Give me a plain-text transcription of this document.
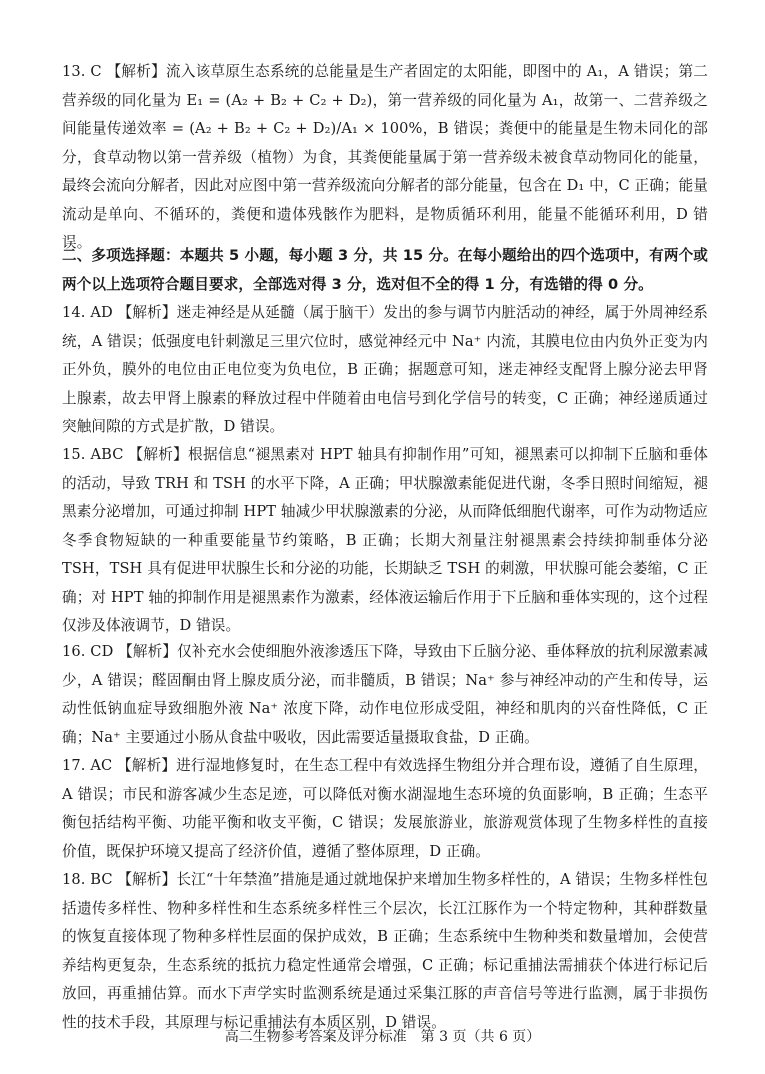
13. C 【解析】流入该草原生态系统的总能量是生产者固定的太阳能，即图中的 A₁，A 错误；第二营养级的同化量为 E₁ = (A₂ + B₂ + C₂ + D₂)，第一营养级的同化量为 A₁，故第一、二营养级之间能量传递效率 = (A₂ + B₂ + C₂ + D₂)/A₁ × 100%，B 错误；粪便中的能量是生物未同化的部分，食草动物以第一营养级（植物）为食，其粪便能量属于第一营养级未被食草动物同化的能量，最终会流向分解者，因此对应图中第一营养级流向分解者的部分能量，包含在 D₁ 中，C 正确；能量流动是单向、不循环的，粪便和遗体残骸作为肥料，是物质循环利用，能量不能循环利用，D 错误。

二、多项选择题：本题共 5 小题，每小题 3 分，共 15 分。在每小题给出的四个选项中，有两个或两个以上选项符合题目要求，全部选对得 3 分，选对但不全的得 1 分，有选错的得 0 分。

14. AD 【解析】迷走神经是从延髓（属于脑干）发出的参与调节内脏活动的神经，属于外周神经系统，A 错误；低强度电针刺激足三里穴位时，感觉神经元中 Na⁺ 内流，其膜电位由内负外正变为内正外负，膜外的电位由正电位变为负电位，B 正确；据题意可知，迷走神经支配肾上腺分泌去甲肾上腺素，故去甲肾上腺素的释放过程中伴随着由电信号到化学信号的转变，C 正确；神经递质通过突触间隙的方式是扩散，D 错误。

15. ABC 【解析】根据信息“褪黑素对 HPT 轴具有抑制作用”可知，褪黑素可以抑制下丘脑和垂体的活动，导致 TRH 和 TSH 的水平下降，A 正确；甲状腺激素能促进代谢，冬季日照时间缩短，褪黑素分泌增加，可通过抑制 HPT 轴减少甲状腺激素的分泌，从而降低细胞代谢率，可作为动物适应冬季食物短缺的一种重要能量节约策略，B 正确；长期大剂量注射褪黑素会持续抑制垂体分泌 TSH，TSH 具有促进甲状腺生长和分泌的功能，长期缺乏 TSH 的刺激，甲状腺可能会萎缩，C 正确；对 HPT 轴的抑制作用是褪黑素作为激素，经体液运输后作用于下丘脑和垂体实现的，这个过程仅涉及体液调节，D 错误。

16. CD 【解析】仅补充水会使细胞外液渗透压下降，导致由下丘脑分泌、垂体释放的抗利尿激素减少，A 错误；醛固酮由肾上腺皮质分泌，而非髓质，B 错误；Na⁺ 参与神经冲动的产生和传导，运动性低钠血症导致细胞外液 Na⁺ 浓度下降，动作电位形成受阻，神经和肌肉的兴奋性降低，C 正确；Na⁺ 主要通过小肠从食盐中吸收，因此需要适量摄取食盐，D 正确。

17. AC 【解析】进行湿地修复时，在生态工程中有效选择生物组分并合理布设，遵循了自生原理，A 错误；市民和游客减少生态足迹，可以降低对衡水湖湿地生态环境的负面影响，B 正确；生态平衡包括结构平衡、功能平衡和收支平衡，C 错误；发展旅游业，旅游观赏体现了生物多样性的直接价值，既保护环境又提高了经济价值，遵循了整体原理，D 正确。

18. BC 【解析】长江“十年禁渔”措施是通过就地保护来增加生物多样性的，A 错误；生物多样性包括遗传多样性、物种多样性和生态系统多样性三个层次，长江江豚作为一个特定物种，其种群数量的恢复直接体现了物种多样性层面的保护成效，B 正确；生态系统中生物种类和数量增加，会使营养结构更复杂，生态系统的抵抗力稳定性通常会增强，C 正确；标记重捕法需捕获个体进行标记后放回，再重捕估算。而水下声学实时监测系统是通过采集江豚的声音信号等进行监测，属于非损伤性的技术手段，其原理与标记重捕法有本质区别，D 错误。

高二生物参考答案及评分标准　第 3 页（共 6 页）
